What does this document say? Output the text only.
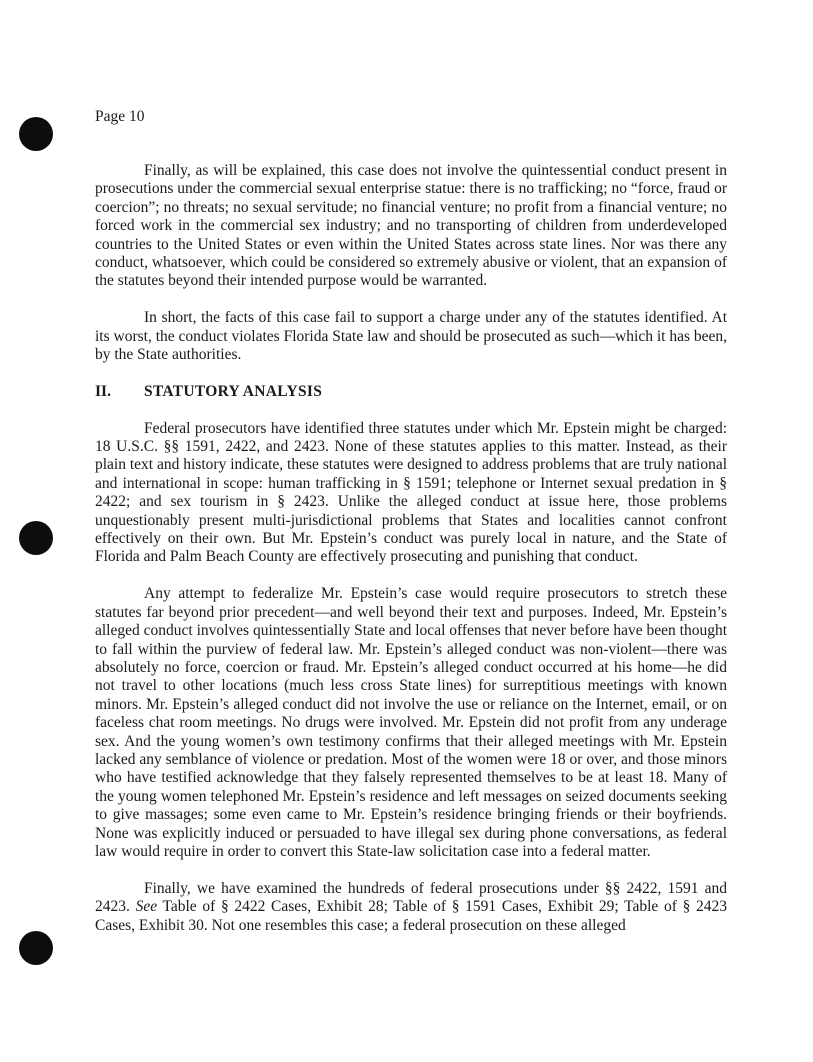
Page 10

Finally, as will be explained, this case does not involve the quintessential conduct present in prosecutions under the commercial sexual enterprise statue: there is no trafficking; no “force, fraud or coercion”; no threats; no sexual servitude; no financial venture; no profit from a financial venture; no forced work in the commercial sex industry; and no transporting of children from underdeveloped countries to the United States or even within the United States across state lines. Nor was there any conduct, whatsoever, which could be considered so extremely abusive or violent, that an expansion of the statutes beyond their intended purpose would be warranted.

In short, the facts of this case fail to support a charge under any of the statutes identified. At its worst, the conduct violates Florida State law and should be prosecuted as such—which it has been, by the State authorities.

II.	STATUTORY ANALYSIS

Federal prosecutors have identified three statutes under which Mr. Epstein might be charged: 18 U.S.C. §§ 1591, 2422, and 2423. None of these statutes applies to this matter. Instead, as their plain text and history indicate, these statutes were designed to address problems that are truly national and international in scope: human trafficking in § 1591; telephone or Internet sexual predation in § 2422; and sex tourism in § 2423. Unlike the alleged conduct at issue here, those problems unquestionably present multi-jurisdictional problems that States and localities cannot confront effectively on their own. But Mr. Epstein’s conduct was purely local in nature, and the State of Florida and Palm Beach County are effectively prosecuting and punishing that conduct.

Any attempt to federalize Mr. Epstein’s case would require prosecutors to stretch these statutes far beyond prior precedent—and well beyond their text and purposes. Indeed, Mr. Epstein’s alleged conduct involves quintessentially State and local offenses that never before have been thought to fall within the purview of federal law. Mr. Epstein’s alleged conduct was non-violent—there was absolutely no force, coercion or fraud. Mr. Epstein’s alleged conduct occurred at his home—he did not travel to other locations (much less cross State lines) for surreptitious meetings with known minors. Mr. Epstein’s alleged conduct did not involve the use or reliance on the Internet, email, or on faceless chat room meetings. No drugs were involved. Mr. Epstein did not profit from any underage sex. And the young women’s own testimony confirms that their alleged meetings with Mr. Epstein lacked any semblance of violence or predation. Most of the women were 18 or over, and those minors who have testified acknowledge that they falsely represented themselves to be at least 18. Many of the young women telephoned Mr. Epstein’s residence and left messages on seized documents seeking to give massages; some even came to Mr. Epstein’s residence bringing friends or their boyfriends. None was explicitly induced or persuaded to have illegal sex during phone conversations, as federal law would require in order to convert this State-law solicitation case into a federal matter.

Finally, we have examined the hundreds of federal prosecutions under §§ 2422, 1591 and 2423. See Table of § 2422 Cases, Exhibit 28; Table of § 1591 Cases, Exhibit 29; Table of § 2423 Cases, Exhibit 30. Not one resembles this case; a federal prosecution on these alleged
